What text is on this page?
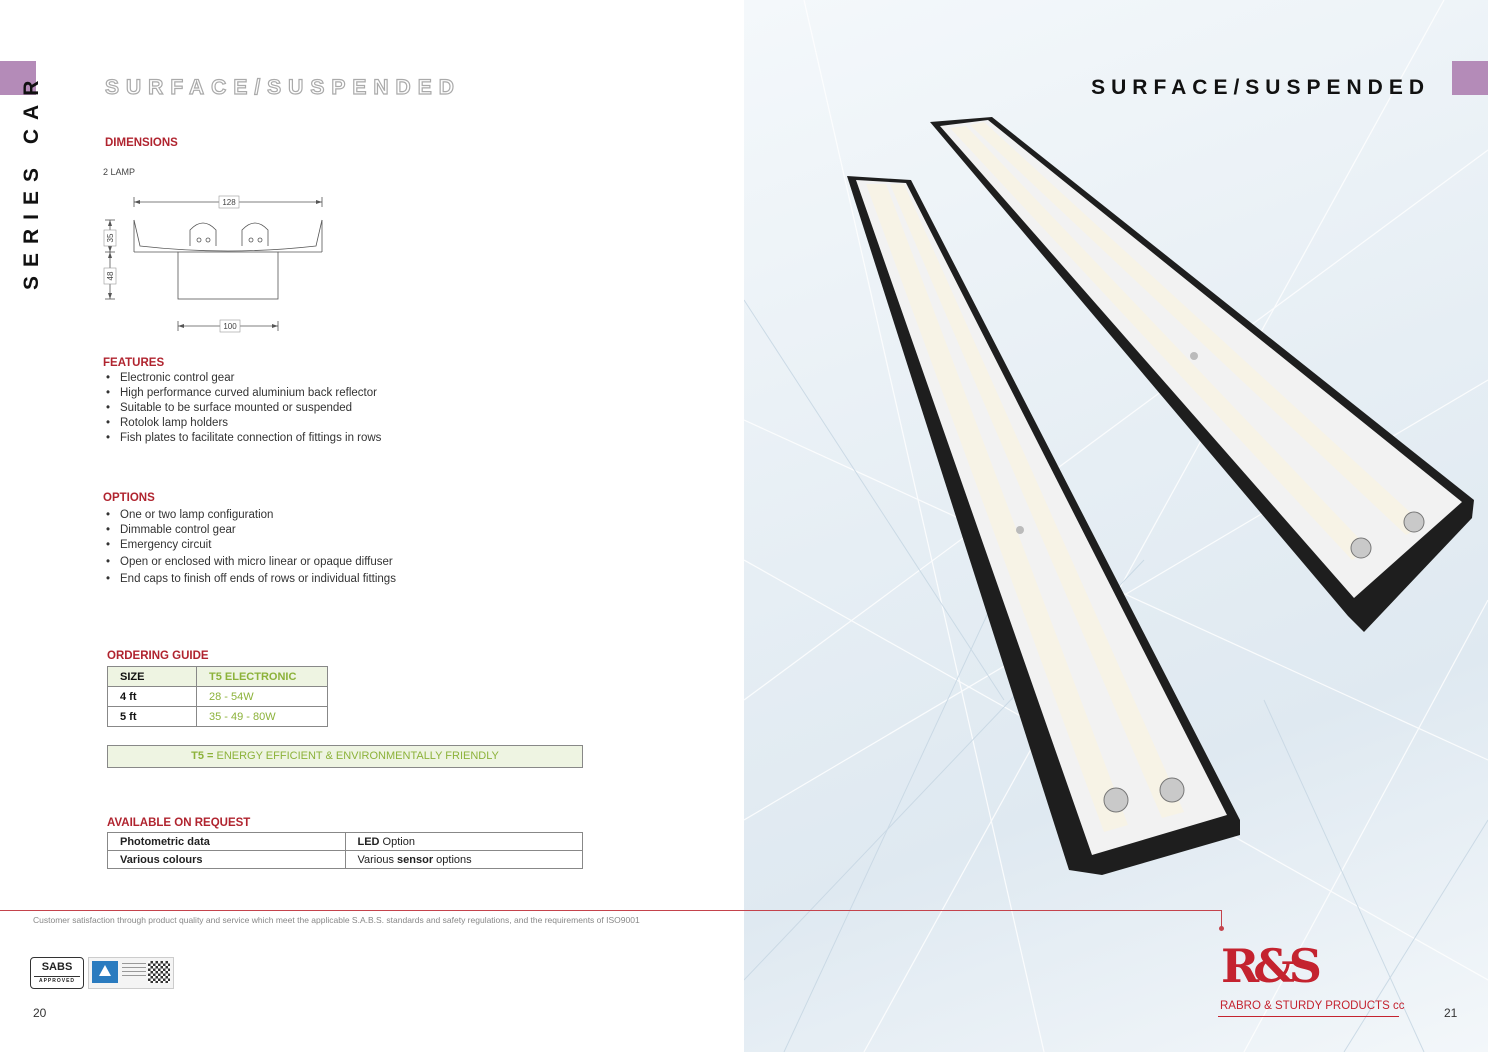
SERIES CAR	SURFACE/SUSPENDED	SURFACE/SUSPENDED
DIMENSIONS
2 LAMP
128
100
35
48
FEATURES
• Electronic control gear
• High performance curved aluminium back reflector
• Suitable to be surface mounted or suspended
• Rotolok lamp holders
• Fish plates to facilitate connection of fittings in rows
OPTIONS
• One or two lamp configuration
• Dimmable control gear
• Emergency circuit
• Open or enclosed with micro linear or opaque diffuser
• End caps to finish off ends of rows or individual fittings
ORDERING GUIDE
SIZE	T5 ELECTRONIC
4 ft	28 - 54W
5 ft	35 - 49 - 80W
T5 = ENERGY EFFICIENT & ENVIRONMENTALLY FRIENDLY
AVAILABLE ON REQUEST
Photometric data	LED Option
Various colours	Various sensor options
Customer satisfaction through product quality and service which meet the applicable S.A.B.S. standards and safety regulations, and the requirements of ISO9001
SABS
APPROVED
20	21
R&S
RABRO & STURDY PRODUCTS cc
